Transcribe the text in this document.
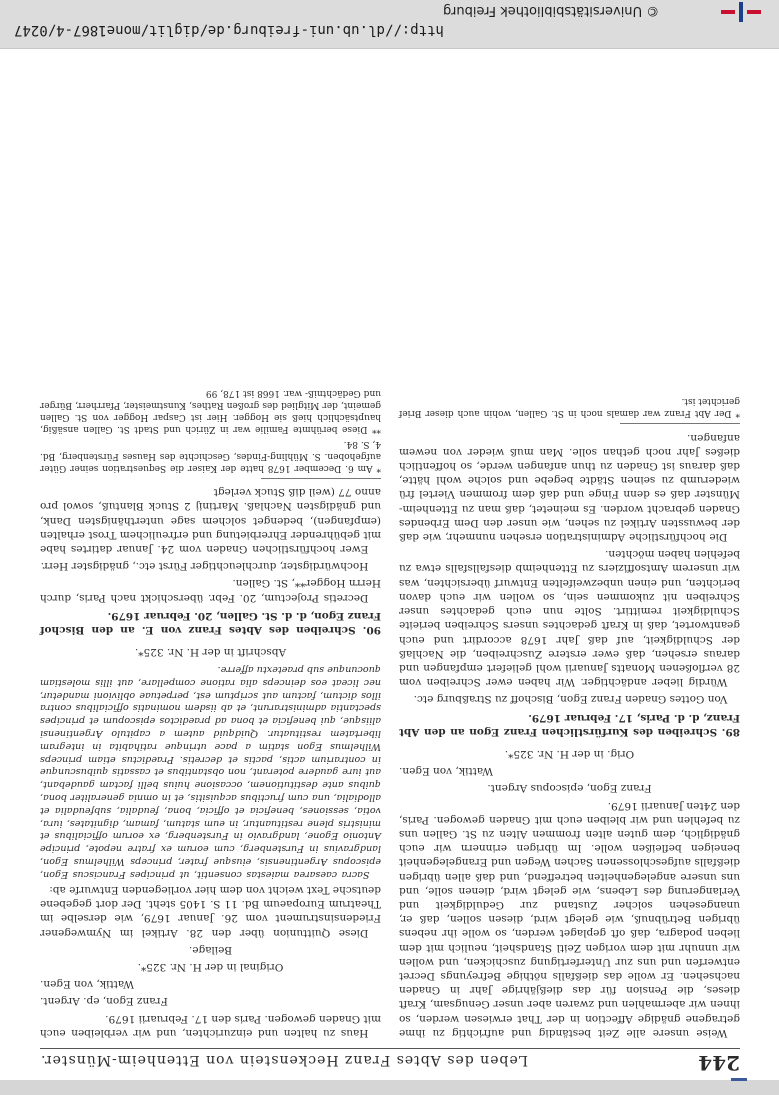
http://dl.ub.uni-freiburg.de/diglit/mone1867-4/0247
© Universitätsbibliothek Freiburg
244
Leben des Abtes Franz Heckenstein von Ettenheim-Münster.

Weise unsere alle Zeit beständig und aufrichtig zu ihme getragene gnädige Affection in der That erwiesen werden, so ihnen wir abermahlen und zwaren aber unser Genugsam, Kraft dieses, die Pension für das dießjährige Jahr in Gnaden nachsehen. Er wolle das dießfalls nöthige Befreyungs Decret entwerfen und uns zur Unterfertigung zuschicken, und wollen wir unnuhr mit dem vorigen Zeitl Standsheit, neulich mit dem lieben podagra, daß oft geplaget werden, so wolle ihr nebens übrigen Betrübnuß, wie gelegt wird, diesen sollen, daß er, unangesehen solcher Zustand zur Geduldigkeit und Verlangerung des Lebens, wie gelegt wird, dienen solle, und uns unsere angelegenheiten betreffend, und daß allen übrigen dießfalls aufgeschlossenen Sachen Wegen und Erangelegenheit beneigen befleißen wolle. Im übrigen erinnern wir euch gnädiglich, dem guten alten frommen Alten zu St. Gallen uns zu befehlen und wir bleiben euch mit Gnaden gewogen. Paris, den 24ten Januarii 1679.

Franz Egon, episcopus Argent.

Wattik, von Egen.

Orig. in der H. Nr. 325*.

89. Schreiben des Kurfürstlichen Franz Egon an den Abt Franz, d. d. Paris, 17. Februar 1679.

Von Gottes Gnaden Franz Egon, Bischoff zu Straßburg etc.

Würdig lieber andächtiger. Wir haben ewer Schreiben vom 28 verfloßenen Monatts Januarii wohl geliefert empfangen und daraus ersehen, daß ewer erstere Zuschreiben, die Nachlaß der Schuldigkeit, auf daß Jahr 1678 accordirt und euch geantwortet, daß in Kraft gedachtes unsers Schreiben berieite Schuldigkeit remittirt. Solte nun euch gedachtes unser Schreiben nit zukommen sein, so wollen wir euch davon berichten, und einen unbezweifelten Entwurf übersichten, was wir unserem Amtsoffiziers zu Ettenheimb diesfallsfalls etwa zu befehlen haben möchten.

Die hochfürstliche Administration ersehen nunmehr, wie daß der bewussten Artikel zu sehen, wie unser den Dem Erbendes Gnaden gebracht worden. Es meinetet, daß man zu Ettenheim-Münster daß es denn Finge und daß dem frommen Viertel frü wiederumb zu seinen Städte begebe und solche wohl hätte, daß daraus ist Gnaden zu thun anfangen werde, so hoffentlich dießes Jahr noch gethan solle. Man muß wieder von newem anfangen.

* Der Abt Franz war damals noch in St. Gallen, wohin auch dieser Brief gerichtet ist.

Haus zu halten und einzurichten, und wir verbleiben euch mit Gnaden gewogen. Paris den 17. Februarii 1679.

Franz Egon, ep. Argent.

Wattik, von Egen.

Original in der H. Nr. 325*.

Beilage.

Diese Quittunion über den 28. Artikel im Nymwegener Friedensinstrument vom 26. Januar 1679, wie derselbe im Theatrum Europaeum Bd. 11 S. 1405 steht. Der dort gegebene deutsche Text weicht von dem hier vorliegenden Entwurfe ab:

Sacra caesarea maiestas consentit, ut principes Franciscus Egon, episcopus Argentinensis, eiusque frater, princeps Wilhelmus Egon, landgravius in Furstenberg, cum eorum ex fratre nepote, principe Antonio Egone, landgravio in Furstenberg, ex eorum officialibus et ministris plene restituantur, in eum statum, famam, dignitates, iura, votia, sessiones, beneficia et officia, bona, feudalia, subfeudalia et allodialia, una cum fructibus acquisitis, et in omnia generaliter bona, quibus ante destitutionem, occasione huius belli factam gaudebant, aut iure gaudere poterant, non obstantibus et cassatis quibuscunque in contrarium actis, pactis et decretis. Praedictus etiam princeps Wilhelmus Egon statim a pace utrinque ratihabita in integram libertatem restituatur. Quidquid autem a capitulo Argentinensi aliisque, qui beneficia et bona ad praedictos episcopum et principes spectantia administrarunt, et ab iisdem nominatis officialibus contra illos dictum, factum aut scriptum est, perpetuae oblivioni mandetur, nec liceat eos deinceps alia ratione compellare, aut illis molestiam quocunque sub praetextu afferre.

Abschrift in der H. Nr. 325*.

90. Schreiben des Abtes Franz von E. an den Bischof Franz Egon, d. d. St. Gallen, 20. Februar 1679.

Decretis Projectum, 20. Febr. überschickt nach Paris, durch Herrn Hogger**, St. Gallen.

Hochwürdigster, durchleuchtiger Fürst etc., gnädigster Herr.

Ewer hochfürstlichen Gnaden vom 24. Januar datirtes habe mit gebührender Ehrerbietung und erfreulichem Trost erhalten (empfangen), bedenget solchem sage unterthänigsten Dank, und gnädigsten Nachlaß. Martinij 2 Stuck Blantuß, sowol pro anno 77 (weil diß Stuck verlegt

* Am 6. December 1678 hatte der Kaiser die Sequestration seiner Güter aufgehoben. S. Mühling-Findes, Geschichte des Hauses Fürstenberg, Bd. 4, S. 84.

** Diese berühmte Familie war in Zürich und Stadt St. Gallen ansäßig, hauptsächlich hieß sie Hogger. Hier ist Caspar Hogger von St. Gallen gemeint, der Mitglied des großen Rathes, Kunstmeister, Pfarrherr, Bürger und Gedächtniß- war. 1668 ist 178, 99
